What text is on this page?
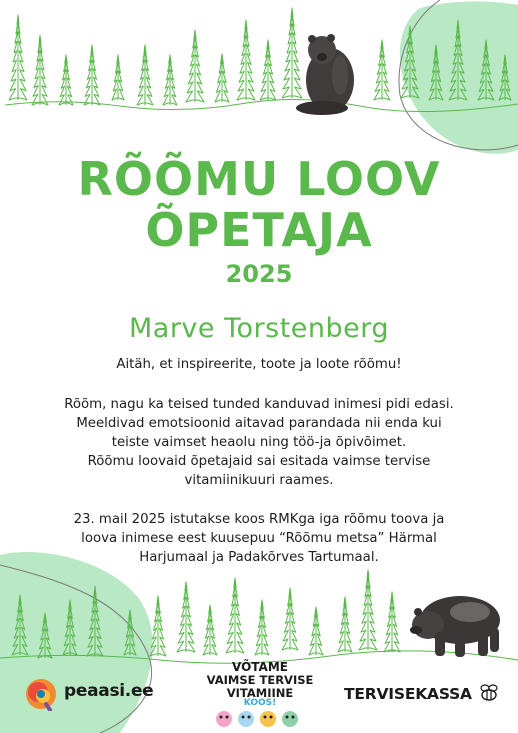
RÕÕMU LOOV
ÕPETAJA
2025
Marve Torstenberg

Aitäh, et inspireerite, toote ja loote rõõmu!

Rõõm, nagu ka teised tunded kanduvad inimesi pidi edasi.

Meeldivad emotsioonid aitavad parandada nii enda kui

teiste vaimset heaolu ning töö-ja õpivõimet.

Rõõmu loovaid õpetajaid sai esitada vaimse tervise

vitamiinikuuri raames.

23. mail 2025 istutakse koos RMKga iga rõõmu toova ja

loova inimese eest kuusepuu “Rõõmu metsa” Härmal

Harjumaal ja Padakõrves Tartumaal.

peaasi.ee
VÕTAME
VAIMSE TERVISE
VITAMIINE
KOOS!	TERVISEKASSA
